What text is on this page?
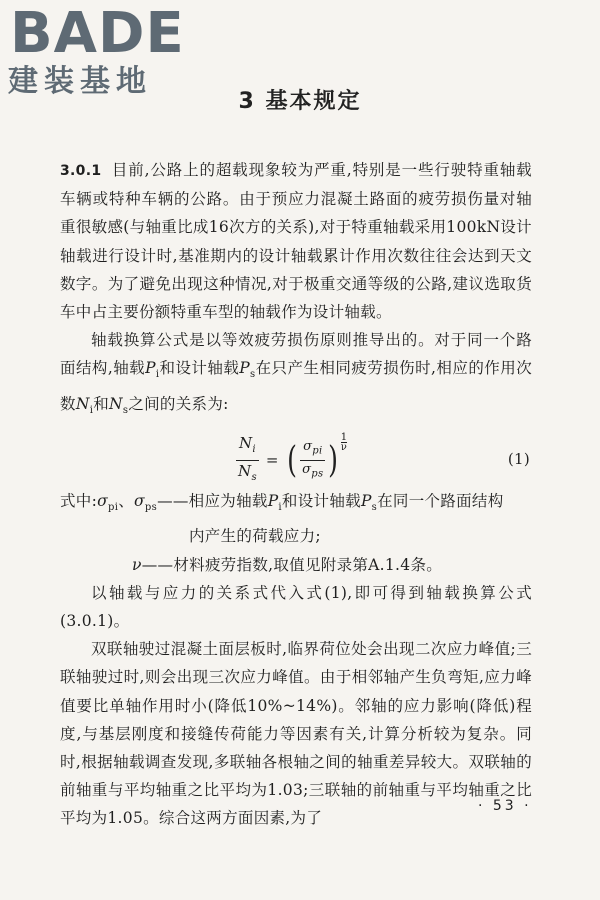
BADE
建装基地
3 基本规定

3.0.1 目前,公路上的超载现象较为严重,特别是一些行驶特重轴载车辆或特种车辆的公路。由于预应力混凝土路面的疲劳损伤量对轴重很敏感(与轴重比成16次方的关系),对于特重轴载采用100kN设计轴载进行设计时,基准期内的设计轴载累计作用次数往往会达到天文数字。为了避免出现这种情况,对于极重交通等级的公路,建议选取货车中占主要份额特重车型的轴载作为设计轴载。

轴载换算公式是以等效疲劳损伤原则推导出的。对于同一个路面结构,轴载$P_i$和设计轴载$P_s$在只产生相同疲劳损伤时,相应的作用次数$N_i$和$N_s$之间的关系为:

$\frac{N_i}{N_s}$ = ( $\frac{\sigma_{pi}}{\sigma_{ps}}$ ) $\frac{1}{\nu}$
(1)

式中$:\sigma_{pi}$、$\sigma_{ps}——$相应为轴载$P_i$和设计轴载$P_s$在同一个路面结构

内产生的荷载应力;

ν——材料疲劳指数,取值见附录第A.1.4条。

以轴载与应力的关系式代入式(1),即可得到轴载换算公式(3.0.1)。

双联轴驶过混凝土面层板时,临界荷位处会出现二次应力峰值;三联轴驶过时,则会出现三次应力峰值。由于相邻轴产生负弯矩,应力峰值要比单轴作用时小(降低10%~14%)。邻轴的应力影响(降低)程度,与基层刚度和接缝传荷能力等因素有关,计算分析较为复杂。同时,根据轴载调查发现,多联轴各根轴之间的轴重差异较大。双联轴的前轴重与平均轴重之比平均为1.03;三联轴的前轴重与平均轴重之比平均为1.05。综合这两方面因素,为了

· 53 ·
